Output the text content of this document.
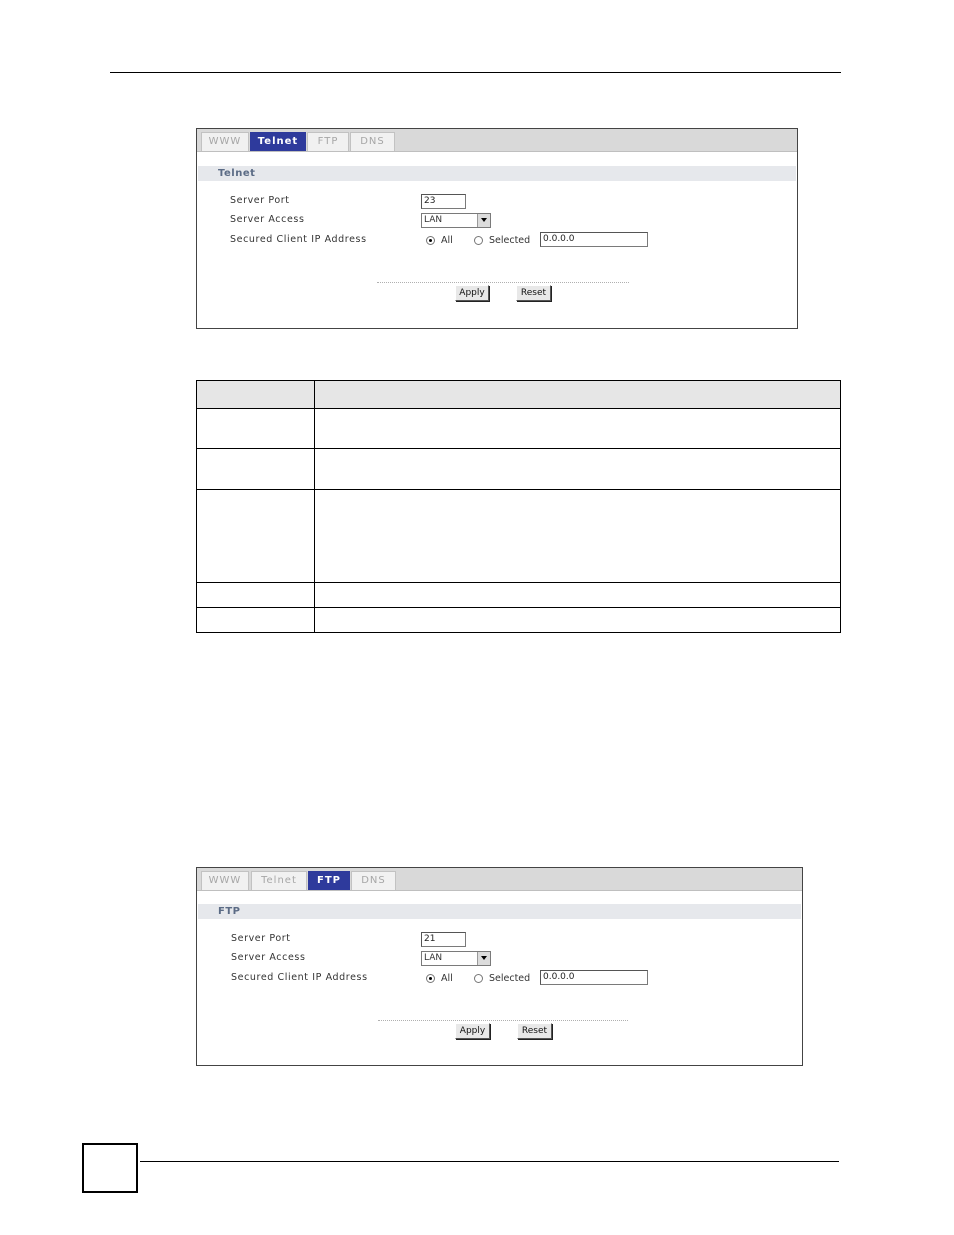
WWW	Telnet	FTP	DNS
Telnet
Server Port	23
Server Access	LAN
Secured Client IP Address	All	Selected	0.0.0.0
Apply	Reset

WWW	Telnet	FTP	DNS
FTP
Server Port	21
Server Access	LAN
Secured Client IP Address	All	Selected	0.0.0.0
Apply	Reset
